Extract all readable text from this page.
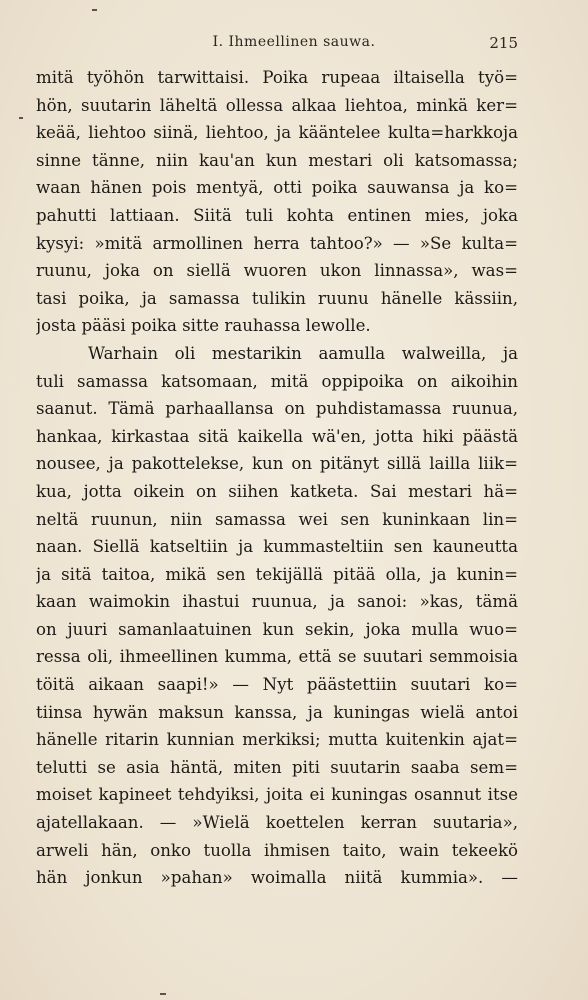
I. Ihmeellinen sauwa.	215
mitä työhön tarwittaisi. Poika rupeaa iltaisella työ=
hön, suutarin läheltä ollessa alkaa liehtoa, minkä ker=
keää, liehtoo siinä, liehtoo, ja kääntelee kulta=harkkoja
sinne tänne, niin kau'an kun mestari oli katsomassa;
waan hänen pois mentyä, otti poika sauwansa ja ko=
pahutti lattiaan. Siitä tuli kohta entinen mies, joka
kysyi: »mitä armollinen herra tahtoo?» — »Se kulta=
ruunu, joka on siellä wuoren ukon linnassa», was=
tasi poika, ja samassa tulikin ruunu hänelle kässiin,
josta pääsi poika sitte rauhassa lewolle.
Warhain oli mestarikin aamulla walweilla, ja
tuli samassa katsomaan, mitä oppipoika on aikoihin
saanut. Tämä parhaallansa on puhdistamassa ruunua,
hankaa, kirkastaa sitä kaikella wä'en, jotta hiki päästä
nousee, ja pakottelekse, kun on pitänyt sillä lailla liik=
kua, jotta oikein on siihen katketa. Sai mestari hä=
neltä ruunun, niin samassa wei sen kuninkaan lin=
naan. Siellä katseltiin ja kummasteltiin sen kauneutta
ja sitä taitoa, mikä sen tekijällä pitää olla, ja kunin=
kaan waimokin ihastui ruunua, ja sanoi: »kas, tämä
on juuri samanlaatuinen kun sekin, joka mulla wuo=
ressa oli, ihmeellinen kumma, että se suutari semmoisia
töitä aikaan saapi!» — Nyt päästettiin suutari ko=
tiinsa hywän maksun kanssa, ja kuningas wielä antoi
hänelle ritarin kunnian merkiksi; mutta kuitenkin ajat=
telutti se asia häntä, miten piti suutarin saaba sem=
moiset kapineet tehdyiksi, joita ei kuningas osannut itse
ajatellakaan. — »Wielä koettelen kerran suutaria»,
arweli hän, onko tuolla ihmisen taito, wain tekeekö
hän jonkun »pahan» woimalla niitä kummia». —
